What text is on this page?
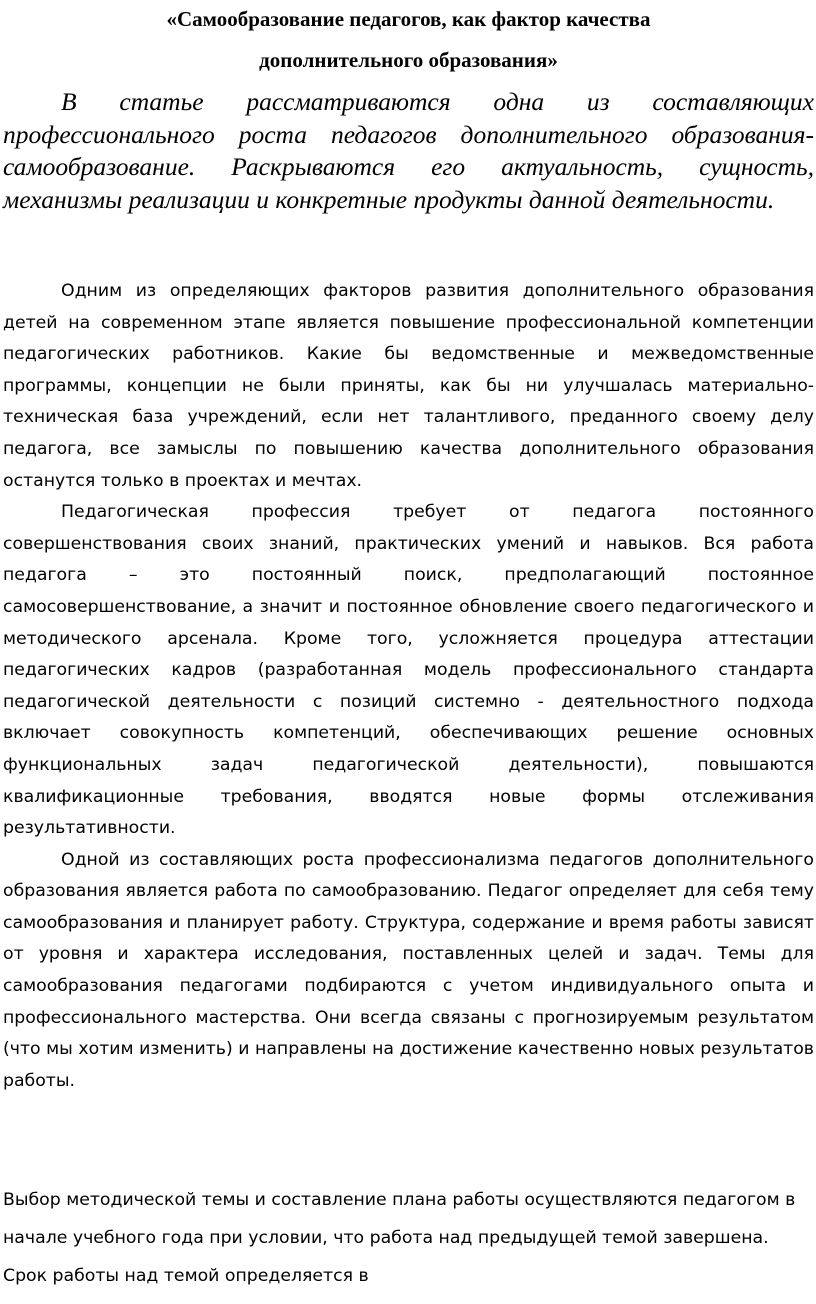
«Самообразование педагогов, как фактор качества
дополнительного образования»

В статье рассматриваются одна из составляющих профессионального роста педагогов дополнительного образования- самообразование. Раскрываются его актуальность, сущность, механизмы реализации и конкретные продукты данной деятельности.

Одним из определяющих факторов развития дополнительного образования детей на современном этапе является повышение профессиональной компетенции педагогических работников. Какие бы ведомственные и межведомственные программы, концепции не были приняты, как бы ни улучшалась материально-техническая база учреждений, если нет талантливого, преданного своему делу педагога, все замыслы по повышению качества дополнительного образования останутся только в проектах и мечтах.

Педагогическая профессия требует от педагога постоянного совершенствования своих знаний, практических умений и навыков. Вся работа педагога – это постоянный поиск, предполагающий постоянное самосовершенствование, а значит и постоянное обновление своего педагогического и методического арсенала. Кроме того, усложняется процедура аттестации педагогических кадров (разработанная модель профессионального стандарта педагогической деятельности с позиций системно - деятельностного подхода включает совокупность компетенций, обеспечивающих решение основных функциональных задач педагогической деятельности), повышаются квалификационные требования, вводятся новые формы отслеживания результативности.

Одной из составляющих роста профессионализма педагогов дополнительного образования является работа по самообразованию. Педагог определяет для себя тему самообразования и планирует работу. Структура, содержание и время работы зависят от уровня и характера исследования, поставленных целей и задач. Темы для самообразования педагогами подбираются с учетом индивидуального опыта и профессионального мастерства. Они всегда связаны с прогнозируемым результатом (что мы хотим изменить) и направлены на достижение качественно новых результатов работы.

Выбор методической темы и составление плана работы осуществляются педагогом в начале учебного года при условии, что работа над предыдущей темой завершена. Срок работы над темой определяется в
